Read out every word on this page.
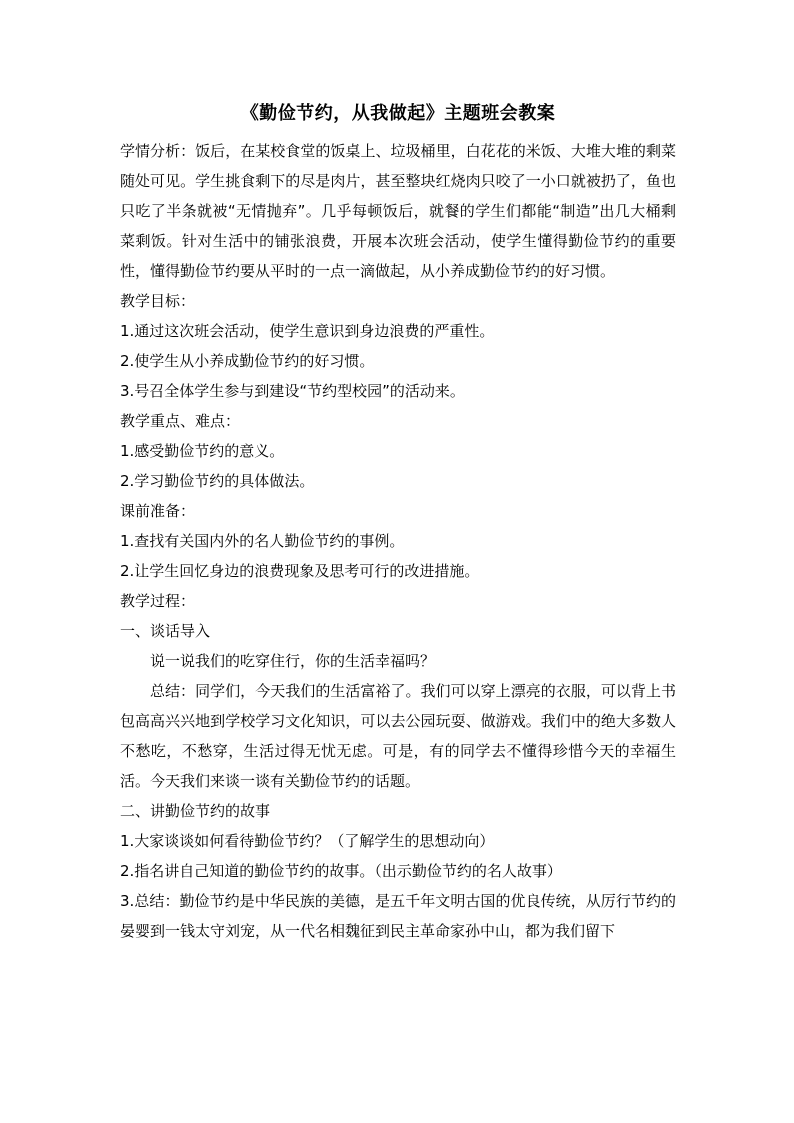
《勤俭节约，从我做起》主题班会教案

学情分析：饭后，在某校食堂的饭桌上、垃圾桶里，白花花的米饭、大堆大堆的剩菜随处可见。学生挑食剩下的尽是肉片，甚至整块红烧肉只咬了一小口就被扔了，鱼也只吃了半条就被“无情抛弃”。几乎每顿饭后，就餐的学生们都能“制造”出几大桶剩菜剩饭。针对生活中的铺张浪费，开展本次班会活动，使学生懂得勤俭节约的重要性，懂得勤俭节约要从平时的一点一滴做起，从小养成勤俭节约的好习惯。

教学目标：

1.通过这次班会活动，使学生意识到身边浪费的严重性。

2.使学生从小养成勤俭节约的好习惯。

3.号召全体学生参与到建设“节约型校园”的活动来。

教学重点、难点：

1.感受勤俭节约的意义。

2.学习勤俭节约的具体做法。

课前准备：

1.查找有关国内外的名人勤俭节约的事例。

2.让学生回忆身边的浪费现象及思考可行的改进措施。

教学过程：

一、谈话导入

说一说我们的吃穿住行，你的生活幸福吗？

总结：同学们，今天我们的生活富裕了。我们可以穿上漂亮的衣服，可以背上书包高高兴兴地到学校学习文化知识，可以去公园玩耍、做游戏。我们中的绝大多数人不愁吃，不愁穿，生活过得无忧无虑。可是，有的同学去不懂得珍惜今天的幸福生活。今天我们来谈一谈有关勤俭节约的话题。

二、讲勤俭节约的故事

1.大家谈谈如何看待勤俭节约？（了解学生的思想动向）

2.指名讲自己知道的勤俭节约的故事。（出示勤俭节约的名人故事）

3.总结：勤俭节约是中华民族的美德，是五千年文明古国的优良传统，从厉行节约的晏婴到一钱太守刘宠，从一代名相魏征到民主革命家孙中山，都为我们留下
